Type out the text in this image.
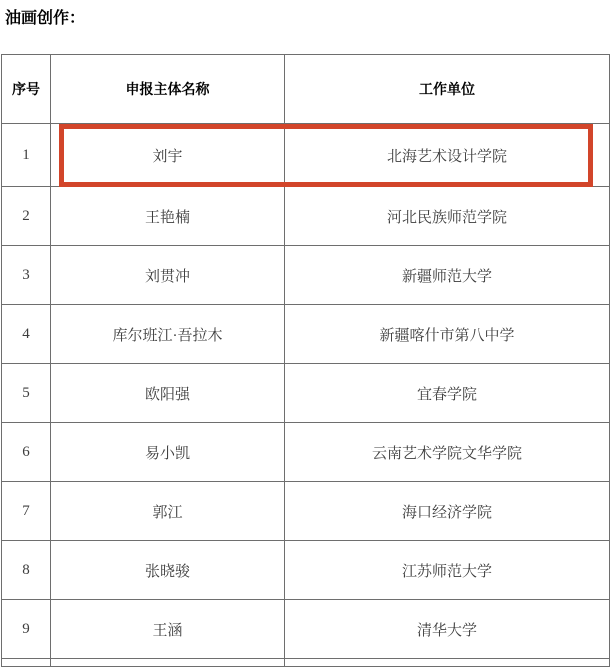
油画创作：
序号	申报主体名称	工作单位
1	刘宇	北海艺术设计学院
2	王艳楠	河北民族师范学院
3	刘贯冲	新疆师范大学
4	库尔班江·吾拉木	新疆喀什市第八中学
5	欧阳强	宜春学院
6	易小凯	云南艺术学院文华学院
7	郭江	海口经济学院
8	张晓骏	江苏师范大学
9	王涵	清华大学
